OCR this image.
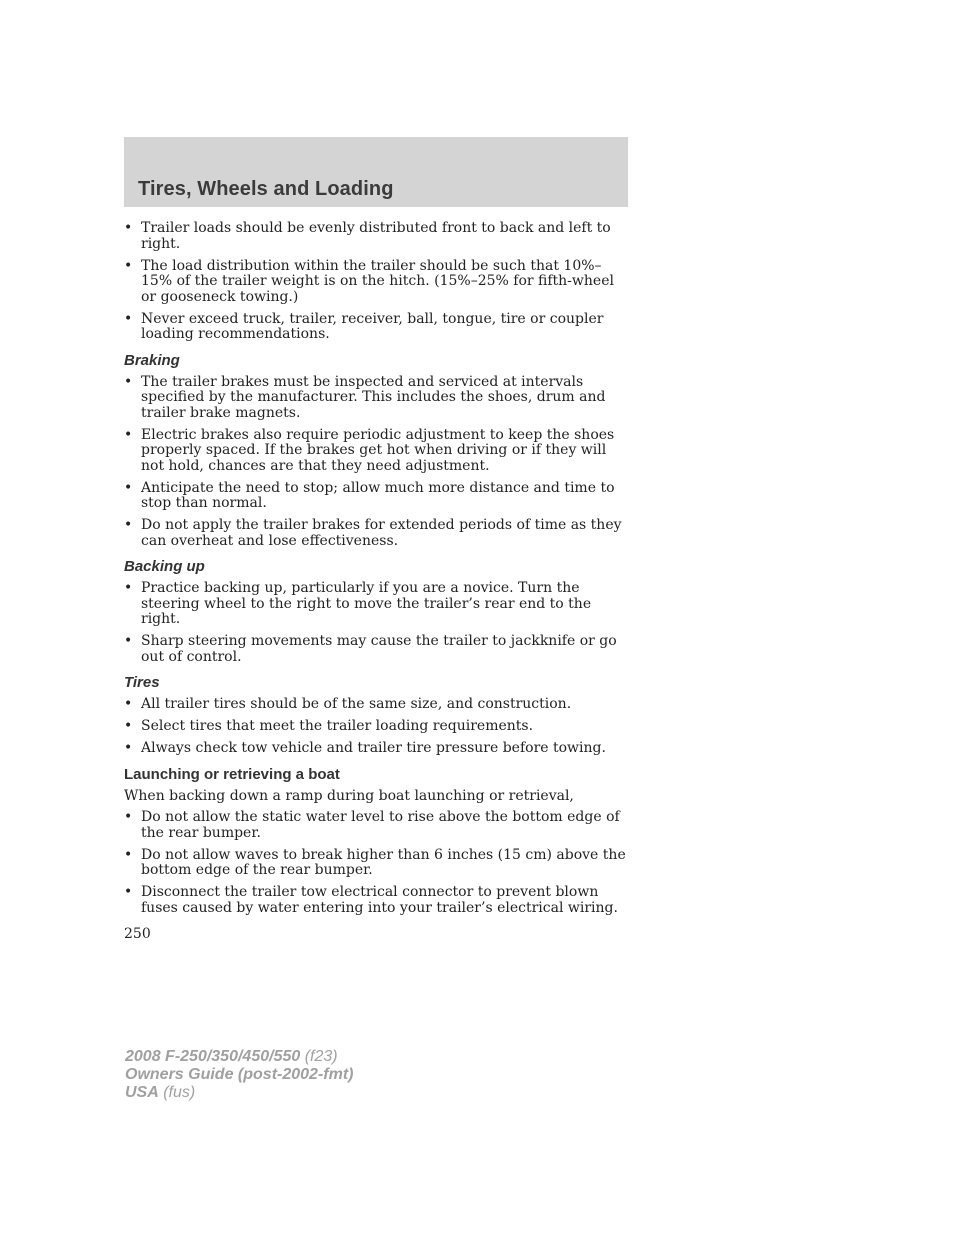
Tires, Wheels and Loading
• Trailer loads should be evenly distributed front to back and left to right.
• The load distribution within the trailer should be such that 10%–15% of the trailer weight is on the hitch. (15%–25% for fifth-wheel or gooseneck towing.)
• Never exceed truck, trailer, receiver, ball, tongue, tire or coupler loading recommendations.
Braking
• The trailer brakes must be inspected and serviced at intervals specified by the manufacturer. This includes the shoes, drum and trailer brake magnets.
• Electric brakes also require periodic adjustment to keep the shoes properly spaced. If the brakes get hot when driving or if they will not hold, chances are that they need adjustment.
• Anticipate the need to stop; allow much more distance and time to stop than normal.
• Do not apply the trailer brakes for extended periods of time as they can overheat and lose effectiveness.
Backing up
• Practice backing up, particularly if you are a novice. Turn the steering wheel to the right to move the trailer’s rear end to the right.
• Sharp steering movements may cause the trailer to jackknife or go out of control.
Tires
• All trailer tires should be of the same size, and construction.
• Select tires that meet the trailer loading requirements.
• Always check tow vehicle and trailer tire pressure before towing.
Launching or retrieving a boat

When backing down a ramp during boat launching or retrieval,

• Do not allow the static water level to rise above the bottom edge of the rear bumper.
• Do not allow waves to break higher than 6 inches (15 cm) above the bottom edge of the rear bumper.
• Disconnect the trailer tow electrical connector to prevent blown fuses caused by water entering into your trailer’s electrical wiring.
250
2008 F-250/350/450/550 (f23)
Owners Guide (post-2002-fmt)
USA (fus)
